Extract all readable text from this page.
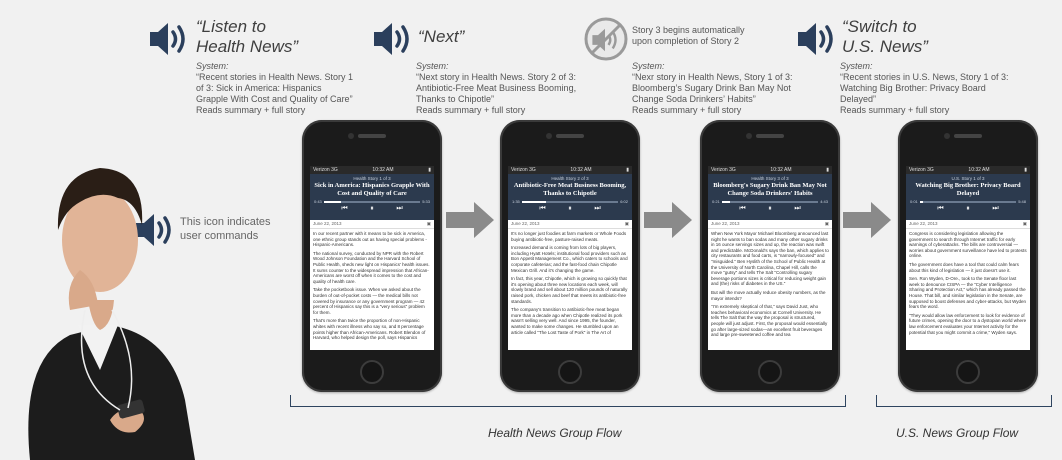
“Listen to
Health News”
System:
“Recent stories in Health News. Story 1 of 3: Sick in America: Hispanics Grapple With Cost and Quality of Care”
Reads summary + full story
“Next”
System:
“Next story in Health News. Story 2 of 3: Antibiotic-Free Meat Business Booming, Thanks to Chipotle”
Reads summary + full story
Story 3 begins automatically upon completion of Story 2
System:
“Nexr story in Health News, Story 1 of 3: Bloomberg’s Sugary Drink Ban May Not Change Soda Drinkers’ Habits”
Reads summary + full story
“Switch to
U.S. News”
System:
“Recent stories in U.S. News, Story 1 of 3: Watching Big Brother: Privacy Board Delayed”
Reads summary + full story
This icon indicates user commands
Verizon 3G	10:32 AM	▮
Health Story 1 of 3
Sick in America: Hispanics Grapple With Cost and Quality of Care
0:43	5:33
⏮	⏸	⏭
June 22, 2013	▣

In our recent partner with it means to be sick in America, one ethnic group stands out as having special problems - Hispanic-Americans.

The national survey, conducted by NPR with the Robert Wood Johnson Foundation and the Harvard School of Public Health, sheds new light on Hispanics' health issues. It sums counter to the widespread impression that African-Americans are worst off when it comes to the cost and quality of health care.

Take the pocketbook issue. When we asked about the burden of out-of-pocket costs — the medical bills not covered by insurance or any government program — 42 percent of Hispanics say this is a "very serious" problem for them.

That's more than twice the proportion of non-Hispanic whites with recent illness who say so, and 8 percentage points higher than African-Americans. Robert Blendon of Harvard, who helped design the poll, says Hispanics

Verizon 3G	10:32 AM	▮
Health Story 2 of 3
Antibiotic-Free Meat Business Booming, Thanks to Chipotle
1:35	6:02
⏮	⏸	⏭
June 22, 2013	▣

It's no longer just foodies at farm markets or Whole Foods buying antibiotic-free, pasture-raised meats.

Increased demand is coming from lots of big players, including Hyatt Hotels; institutional food providers such as Bon Appetit Management Co., which caters to schools and corporate cafeterias; and the fast-food chain Chipotle Mexican Grill. And it's changing the game.

In fact, this year, Chipotle, which is growing so quickly that it's opening about three new locations each week, will slowly brand and sell about 120 million pounds of naturally raised pork, chicken and beef that meets its antibiotic-free standards.

The company's transition to antibiotic-free meat began more than a decade ago when Chipotle realized its pork wasn't selling very well. And since 1995, the founder, wanted to make some changes. He stumbled upon an article called "The Lost Taste of Pork" in The Art of

Verizon 3G	10:32 AM	▮
Health Story 3 of 3
Bloomberg's Sugary Drink Ban May Not Change Soda Drinkers' Habits
0:21	4:43
⏮	⏸	⏭
June 22, 2013	▣

When New York Mayor Michael Bloomberg announced last night he wants to ban sodas and many other sugary drinks in 16 ounce servings sizes and up, the reaction was swift and predictable. McDonald's says the ban, which applies to city restaurants and food carts, is "narrowly-focused" and "misguided." Ben Hyslith of the School of Public Health at the University of North Carolina, Chapel Hill, calls the move "gutsy" and tells The Salt "Controlling sugary beverage portions sizes is critical for reducing weight gain and (the) risks of diabetes in the US."

But will the move actually reduce obesity numbers, as the mayor intends?

"I'm extremely skeptical of that," says David Just, who teaches behavioral economics at Cornell University. He tells The Salt that the way the proposal is structured, people will just adjust. First, the proposal would essentially go after large-sized sodas—an excellent fruit beverages and large pre-sweetened coffee and tea

Verizon 3G	10:32 AM	▮
U.S. Story 1 of 3
Watching Big Brother: Privacy Board Delayed
0:01	5:48
⏮	⏸	⏭
June 22, 2013	▣

Congress is considering legislation allowing the government to search through Internet traffic for early warnings of cyberattacks. The bills are controversial — worries about government surveillance have led to protests online.

The government does have a tool that could calm fears about this kind of legislation — it just doesn't use it.

Sen. Ron Wyden, D-Ore., took to the Senate floor last week to denounce CISPA — the "Cyber Intelligence Sharing and Protection Act," which has already passed the House. That bill, and similar legislation in the Senate, are supposed to boost defenses and cyber-attacks, but Wyden fears the word.

"They would allow law enforcement to look for evidence of future crimes, opening the door to a dystopian world where law enforcement evaluates your Internet activity for the potential that you might commit a crime," Wyden says.

Health News Group Flow	U.S. News Group Flow
